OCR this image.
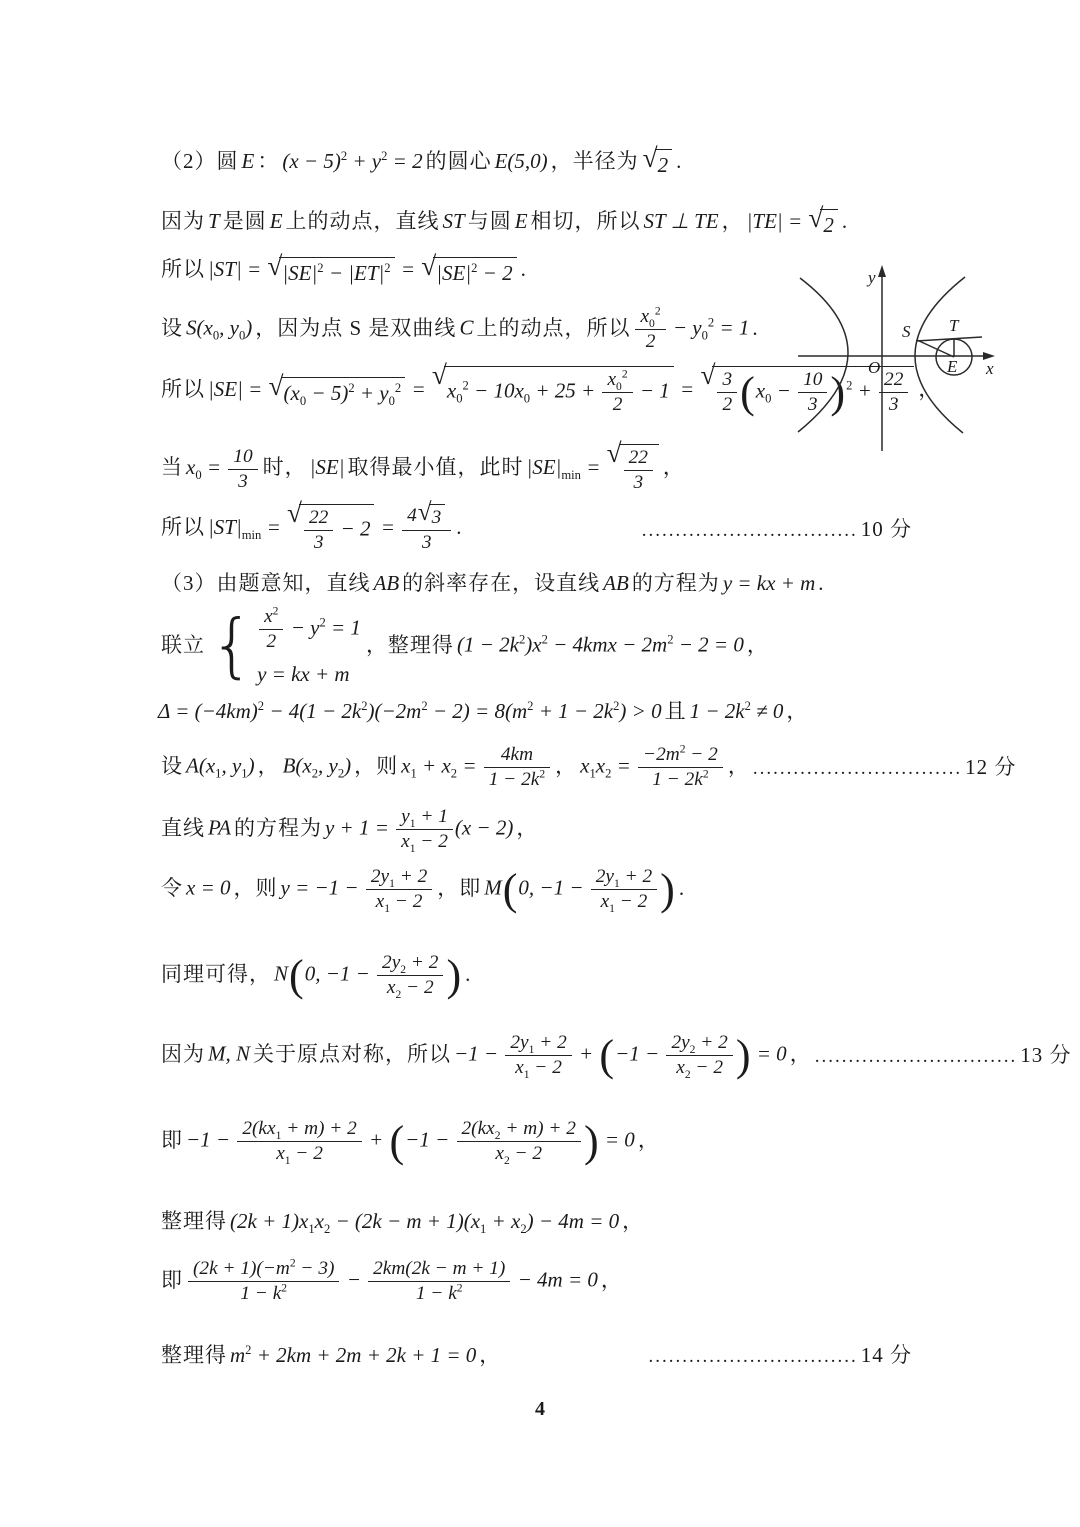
（2）圆 E ： $(x - 5)^2 + y^2 = 2$ 的圆心 E(5,0) ，半径为 √ 2 .
因为 T 是圆 E 上的动点，直线 ST 与圆 E 相切，所以 ST ⊥ TE ， |TE| = √ 2 .
所以 |ST| = √ $|SE|^2 - |ET|^2$ = √ $|SE|^2 - 2$ .
设 $S(x_0$, $y_0$) ，因为点 S 是双曲线 C 上的动点，所以 $\frac{x_0^2}{2} - y_0^2 = 1$ .
所以 |SE| = √ $(x_0 - 5)^2 + y_0^2$ = √
$x_0^2 - 10x_0 + 25 + \frac{x_0^2}{2} - 1$ = √ $\frac{3}{2} (x_0 - \frac{10}{3} )^2 + \frac{22}{3}$ ，
当 $x_0 = \frac{10}{3}$ 时， |SE| 取得最小值，此时 $|SE|_{min}$ = √ $\frac{22}{3}$ ，
所以 $|ST|_{min}$ = √ $\frac{22}{3} - 2 = \frac{4 √ 3}{3}$ .	................................ 10 分
（3）由题意知，直线 AB 的斜率存在，设直线 AB 的方程为 y = kx + m .
联立 { $\frac{x^2}{2} - y^2 = 1$
y = kx + m
，整理得 $(1 - 2k^2)x^2 - 4kmx - 2m^2 - 2 = 0$ ，
$\Delta = (-4km)^2 - 4(1 - 2k^2)(-2m^2 - 2) = 8(m^2 + 1 - 2k^2) > 0$ 且 $1 - 2k^2 \ne 0$ ，
设 $A(x_1$, $y_1$) ， $B(x_2$, $y_2$) ，则 $x_1 + x_2 = \frac{4km}{1 - 2k^2}$ ， $x_1x_2 = \frac{-2m^2 - 2}{1 - 2k^2}$ ， ............................... 12 分
直线 PA 的方程为 $y + 1 = \frac{y_1 + 1}{x_1 - 2} (x - 2)$ ，
令 x = 0 ，则 $y = -1 - \frac{2y_1 + 2}{x_1 - 2}$ ，即 M(0, $-1 - \frac{2y_1 + 2}{x_1 - 2}$ ) .
同理可得， N(0, $-1 - \frac{2y_2 + 2}{x_2 - 2}$ ) .
因为 M, N 关于原点对称，所以 $-1 - \frac{2y_1 + 2}{x_1 - 2} + (-1 - \frac{2y_2 + 2}{x_2 - 2}$ ) = 0 ， .............................. 13 分
即 $-1 - \frac{2(kx_1 + m) + 2}{x_1 - 2} + (-1 - \frac{2(kx_2 + m) + 2}{x_2 - 2}$ ) = 0 ，
整理得 $(2k + 1)x_1x_2 - (2k - m + 1)(x_1 + x_2) - 4m = 0$ ，
即 $\frac{(2k + 1)(-m^2 - 3)}{1 - k^2} - \frac{2km(2k - m + 1)}{1 - k^2} - 4m = 0$ ，
整理得 $m^2 + 2km + 2m + 2k + 1 = 0$ ，	............................... 14 分
y
x
O
S T
E
4
